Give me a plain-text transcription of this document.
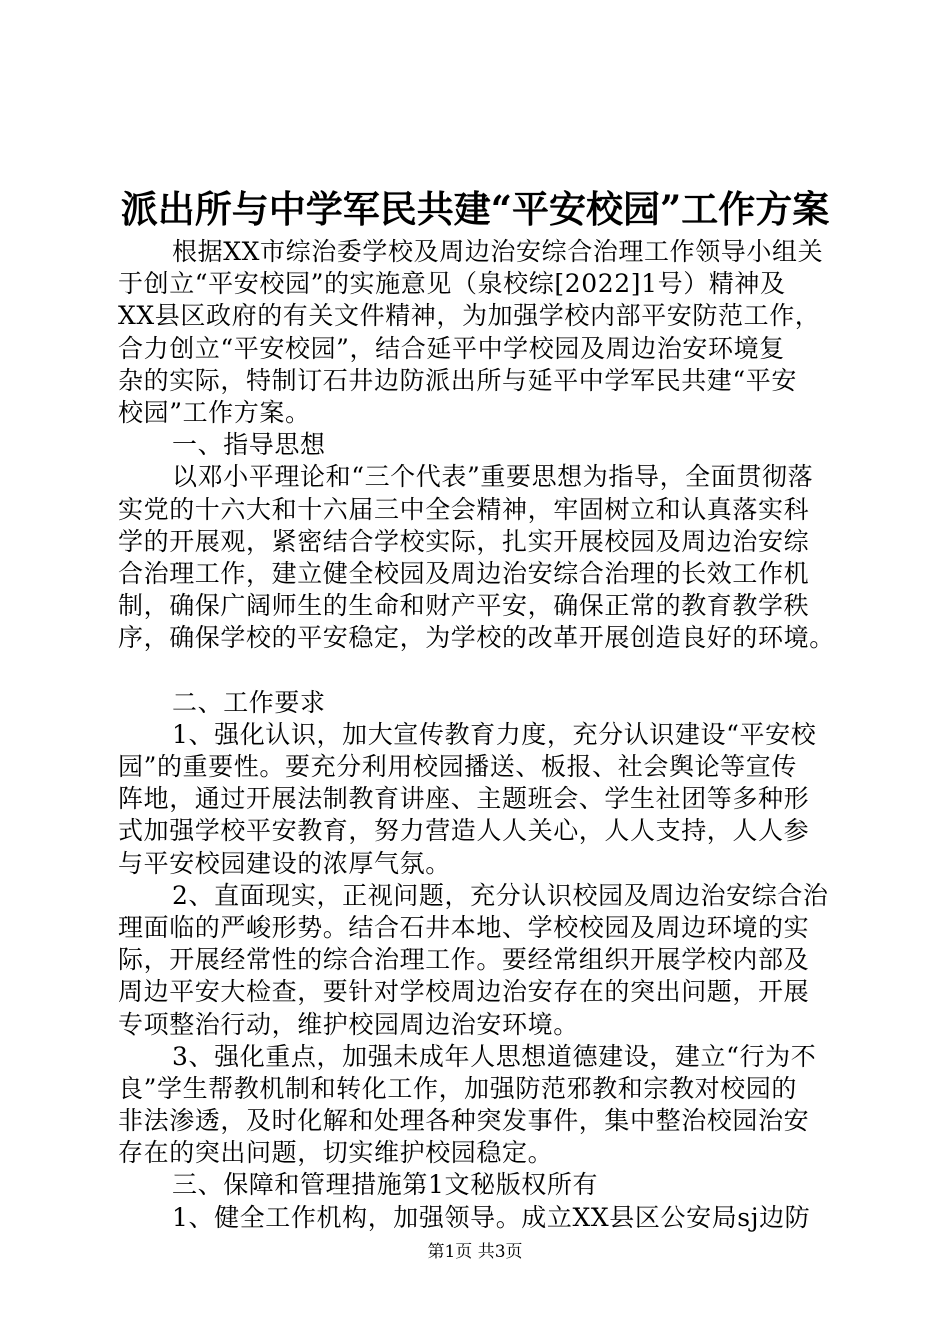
派出所与中学军民共建“平安校园”工作方案
根据XX市综治委学校及周边治安综合治理工作领导小组关
于创立“平安校园”的实施意见（泉校综[2022]1号）精神及
XX县区政府的有关文件精神，为加强学校内部平安防范工作，
合力创立“平安校园”，结合延平中学校园及周边治安环境复
杂的实际，特制订石井边防派出所与延平中学军民共建“平安
校园”工作方案。
一、指导思想
以邓小平理论和“三个代表”重要思想为指导，全面贯彻落
实党的十六大和十六届三中全会精神，牢固树立和认真落实科
学的开展观，紧密结合学校实际，扎实开展校园及周边治安综
合治理工作，建立健全校园及周边治安综合治理的长效工作机
制，确保广阔师生的生命和财产平安，确保正常的教育教学秩
序，确保学校的平安稳定，为学校的改革开展创造良好的环境。
二、工作要求
1、强化认识，加大宣传教育力度，充分认识建设“平安校
园”的重要性。要充分利用校园播送、板报、社会舆论等宣传
阵地，通过开展法制教育讲座、主题班会、学生社团等多种形
式加强学校平安教育，努力营造人人关心，人人支持，人人参
与平安校园建设的浓厚气氛。
2、直面现实，正视问题，充分认识校园及周边治安综合治
理面临的严峻形势。结合石井本地、学校校园及周边环境的实
际，开展经常性的综合治理工作。要经常组织开展学校内部及
周边平安大检查，要针对学校周边治安存在的突出问题，开展
专项整治行动，维护校园周边治安环境。
3、强化重点，加强未成年人思想道德建设，建立“行为不
良”学生帮教机制和转化工作，加强防范邪教和宗教对校园的
非法渗透，及时化解和处理各种突发事件，集中整治校园治安
存在的突出问题，切实维护校园稳定。
三、保障和管理措施第1文秘版权所有
1、健全工作机构，加强领导。成立XX县区公安局sj边防
第1页 共3页
